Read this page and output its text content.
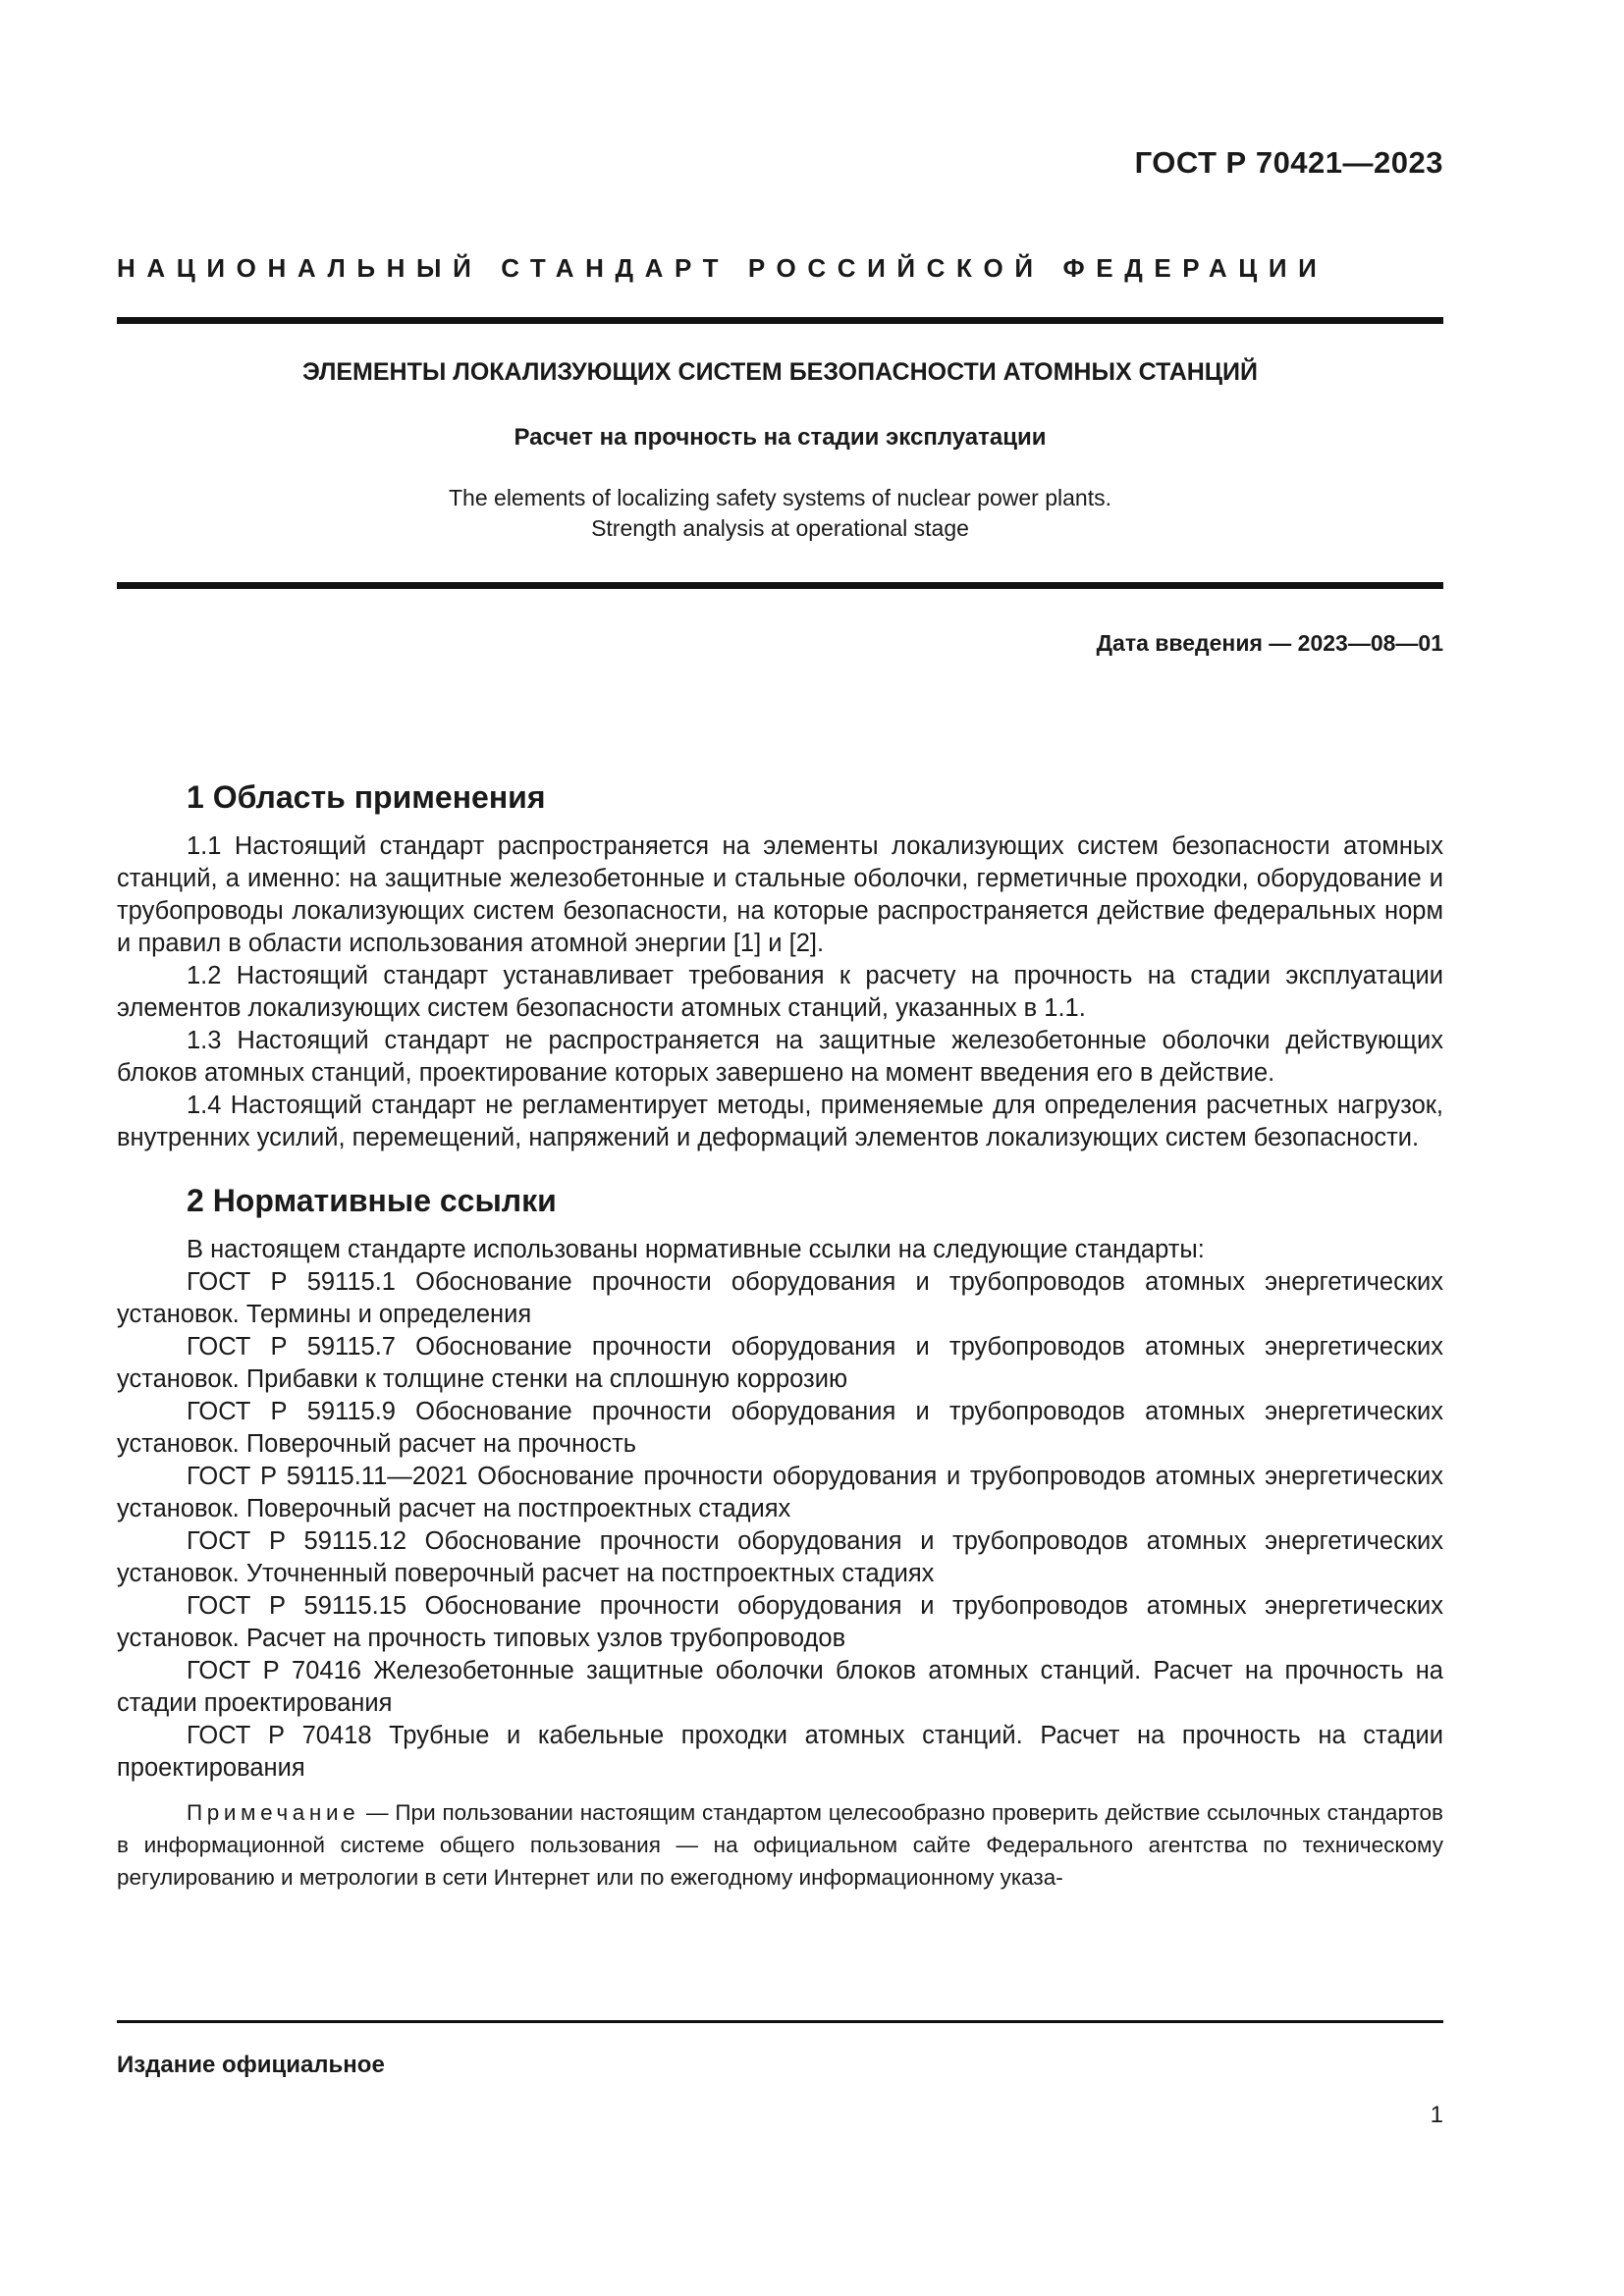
ГОСТ Р 70421—2023
НАЦИОНАЛЬНЫЙ СТАНДАРТ РОССИЙСКОЙ ФЕДЕРАЦИИ
ЭЛЕМЕНТЫ ЛОКАЛИЗУЮЩИХ СИСТЕМ БЕЗОПАСНОСТИ АТОМНЫХ СТАНЦИЙ
Расчет на прочность на стадии эксплуатации
The elements of localizing safety systems of nuclear power plants.
Strength analysis at operational stage
Дата введения — 2023—08—01
1 Область применения

1.1 Настоящий стандарт распространяется на элементы локализующих систем безопасности атомных станций, а именно: на защитные железобетонные и стальные оболочки, герметичные проходки, оборудование и трубопроводы локализующих систем безопасности, на которые распространяется действие федеральных норм и правил в области использования атомной энергии [1] и [2].

1.2 Настоящий стандарт устанавливает требования к расчету на прочность на стадии эксплуатации элементов локализующих систем безопасности атомных станций, указанных в 1.1.

1.3 Настоящий стандарт не распространяется на защитные железобетонные оболочки действующих блоков атомных станций, проектирование которых завершено на момент введения его в действие.

1.4 Настоящий стандарт не регламентирует методы, применяемые для определения расчетных нагрузок, внутренних усилий, перемещений, напряжений и деформаций элементов локализующих систем безопасности.

2 Нормативные ссылки

В настоящем стандарте использованы нормативные ссылки на следующие стандарты:

ГОСТ Р 59115.1 Обоснование прочности оборудования и трубопроводов атомных энергетических установок. Термины и определения

ГОСТ Р 59115.7 Обоснование прочности оборудования и трубопроводов атомных энергетических установок. Прибавки к толщине стенки на сплошную коррозию

ГОСТ Р 59115.9 Обоснование прочности оборудования и трубопроводов атомных энергетических установок. Поверочный расчет на прочность

ГОСТ Р 59115.11—2021 Обоснование прочности оборудования и трубопроводов атомных энергетических установок. Поверочный расчет на постпроектных стадиях

ГОСТ Р 59115.12 Обоснование прочности оборудования и трубопроводов атомных энергетических установок. Уточненный поверочный расчет на постпроектных стадиях

ГОСТ Р 59115.15 Обоснование прочности оборудования и трубопроводов атомных энергетических установок. Расчет на прочность типовых узлов трубопроводов

ГОСТ Р 70416 Железобетонные защитные оболочки блоков атомных станций. Расчет на прочность на стадии проектирования

ГОСТ Р 70418 Трубные и кабельные проходки атомных станций. Расчет на прочность на стадии проектирования

Примечание — При пользовании настоящим стандартом целесообразно проверить действие ссылочных стандартов в информационной системе общего пользования — на официальном сайте Федерального агентства по техническому регулированию и метрологии в сети Интернет или по ежегодному информационному указа-

Издание официальное
1
